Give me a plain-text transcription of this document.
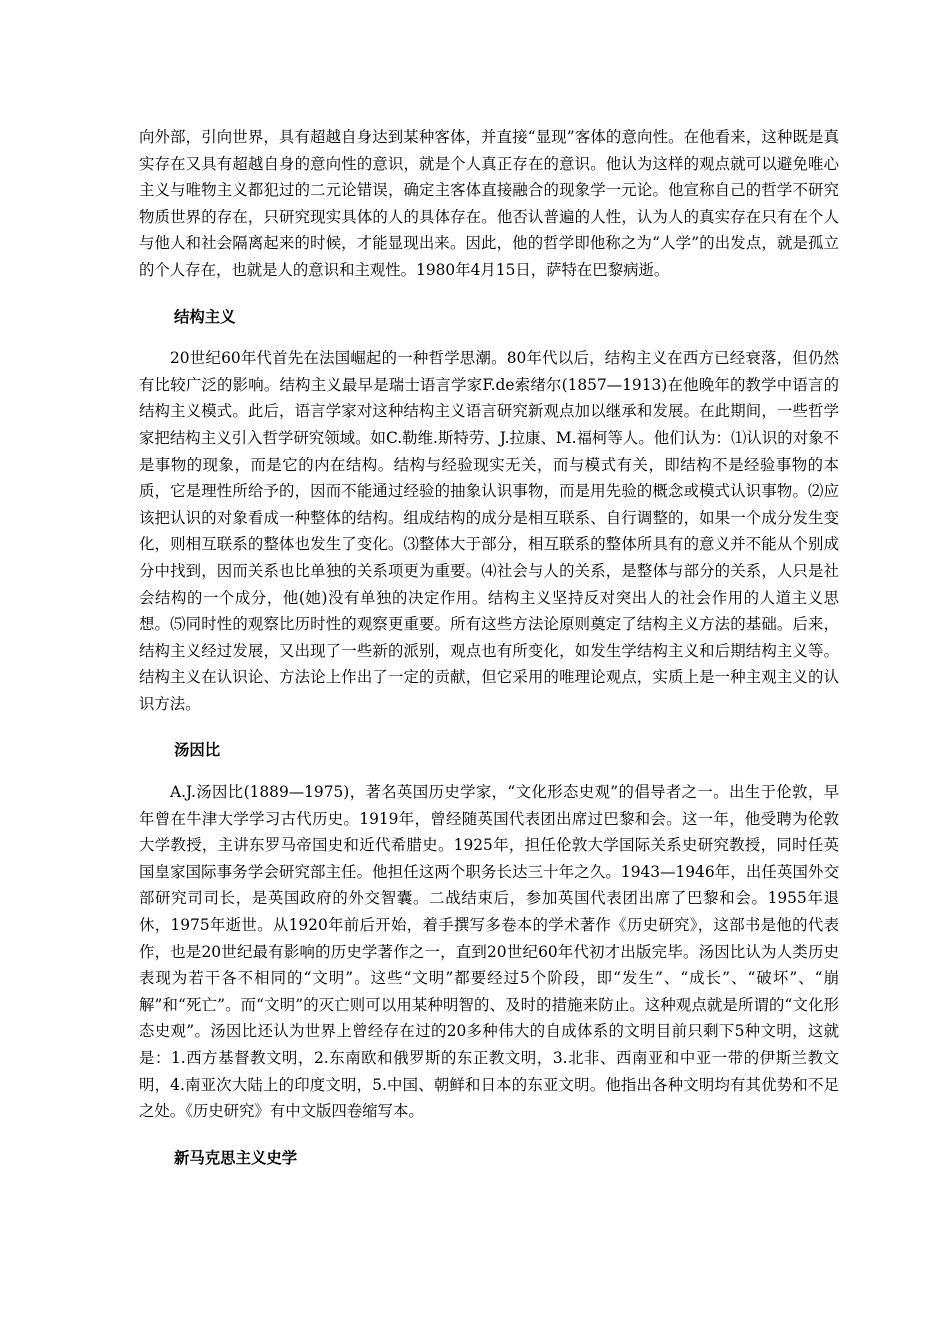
向外部，引向世界，具有超越自身达到某种客体，并直接“显现”客体的意向性。在他看来，这种既是真实存在又具有超越自身的意向性的意识，就是个人真正存在的意识。他认为这样的观点就可以避免唯心主义与唯物主义都犯过的二元论错误，确定主客体直接融合的现象学一元论。他宣称自己的哲学不研究物质世界的存在，只研究现实具体的人的具体存在。他否认普遍的人性，认为人的真实存在只有在个人与他人和社会隔离起来的时候，才能显现出来。因此，他的哲学即他称之为“人学”的出发点，就是孤立的个人存在，也就是人的意识和主观性。1980年4月15日，萨特在巴黎病逝。

结构主义

20世纪60年代首先在法国崛起的一种哲学思潮。80年代以后，结构主义在西方已经衰落，但仍然有比较广泛的影响。结构主义最早是瑞士语言学家F.de索绪尔(1857—1913)在他晚年的教学中语言的结构主义模式。此后，语言学家对这种结构主义语言研究新观点加以继承和发展。在此期间，一些哲学家把结构主义引入哲学研究领域。如C.勒维.斯特劳、J.拉康、M.福柯等人。他们认为：⑴认识的对象不是事物的现象，而是它的内在结构。结构与经验现实无关，而与模式有关，即结构不是经验事物的本质，它是理性所给予的，因而不能通过经验的抽象认识事物，而是用先验的概念或模式认识事物。⑵应该把认识的对象看成一种整体的结构。组成结构的成分是相互联系、自行调整的，如果一个成分发生变化，则相互联系的整体也发生了变化。⑶整体大于部分，相互联系的整体所具有的意义并不能从个别成分中找到，因而关系也比单独的关系项更为重要。⑷社会与人的关系，是整体与部分的关系，人只是社会结构的一个成分，他(她)没有单独的决定作用。结构主义坚持反对突出人的社会作用的人道主义思想。⑸同时性的观察比历时性的观察更重要。所有这些方法论原则奠定了结构主义方法的基础。后来，结构主义经过发展，又出现了一些新的派别，观点也有所变化，如发生学结构主义和后期结构主义等。结构主义在认识论、方法论上作出了一定的贡献，但它采用的唯理论观点，实质上是一种主观主义的认识方法。

汤因比

A.J.汤因比(1889—1975)，著名英国历史学家，“文化形态史观”的倡导者之一。出生于伦敦，早年曾在牛津大学学习古代历史。1919年，曾经随英国代表团出席过巴黎和会。这一年，他受聘为伦敦大学教授，主讲东罗马帝国史和近代希腊史。1925年，担任伦敦大学国际关系史研究教授，同时任英国皇家国际事务学会研究部主任。他担任这两个职务长达三十年之久。1943—1946年，出任英国外交部研究司司长，是英国政府的外交智囊。二战结束后，参加英国代表团出席了巴黎和会。1955年退休，1975年逝世。从1920年前后开始，着手撰写多卷本的学术著作《历史研究》，这部书是他的代表作，也是20世纪最有影响的历史学著作之一，直到20世纪60年代初才出版完毕。汤因比认为人类历史表现为若干各不相同的“文明”。这些“文明”都要经过5个阶段，即“发生”、“成长”、“破坏”、“崩解”和“死亡”。而“文明”的灭亡则可以用某种明智的、及时的措施来防止。这种观点就是所谓的“文化形态史观”。汤因比还认为世界上曾经存在过的20多种伟大的自成体系的文明目前只剩下5种文明，这就是：1.西方基督教文明，2.东南欧和俄罗斯的东正教文明，3.北非、西南亚和中亚一带的伊斯兰教文明，4.南亚次大陆上的印度文明，5.中国、朝鲜和日本的东亚文明。他指出各种文明均有其优势和不足之处。《历史研究》有中文版四卷缩写本。

新马克思主义史学
